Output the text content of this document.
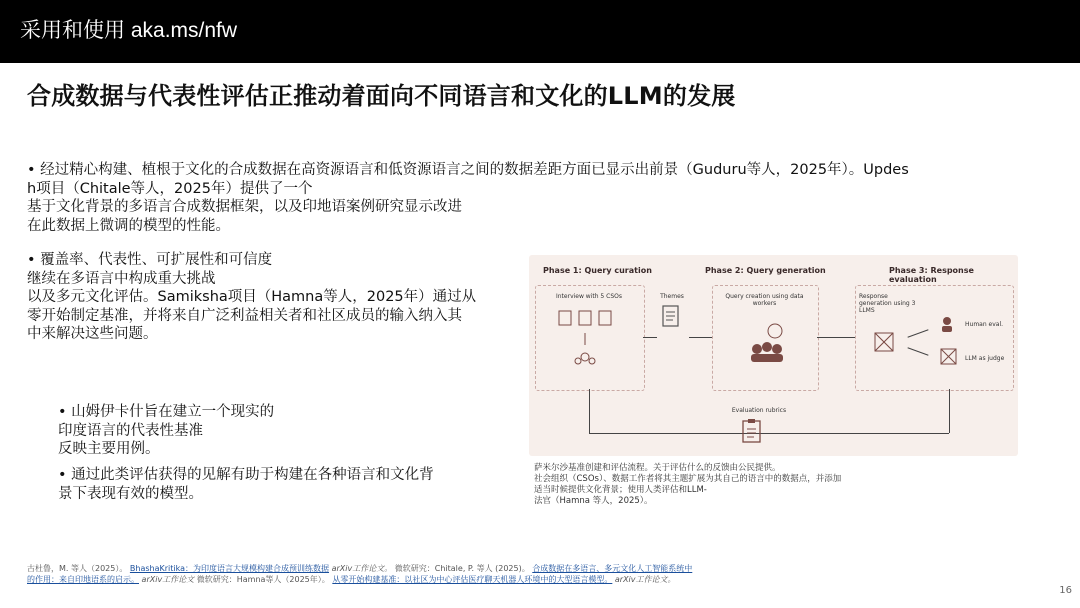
采用和使用 aka.ms/nfw
合成数据与代表性评估正推动着面向不同语言和文化的LLM的发展
• 经过精心构建、植根于文化的合成数据在高资源语言和低资源语言之间的数据差距方面已显示出前景（Guduru等人，2025年）。Updes
h项目（Chitale等人，2025年）提供了一个
基于文化背景的多语言合成数据框架，以及印地语案例研究显示改进
在此数据上微调的模型的性能。
• 覆盖率、代表性、可扩展性和可信度
继续在多语言中构成重大挑战
以及多元文化评估。Samiksha项目（Hamna等人，2025年）通过从
零开始制定基准，并将来自广泛利益相关者和社区成员的输入纳入其
中来解决这些问题。
• 山姆伊卡什旨在建立一个现实的
印度语言的代表性基准
反映主要用例。
• 通过此类评估获得的见解有助于构建在各种语言和文化背
景下表现有效的模型。
Phase 1: Query curation	Phase 2: Query generation	Phase 3: Response evaluation
Interview with 5 CSOs	Themes	Query creation using data workers
Response generation using 3 LLMS
Human eval.
LLM as judge
Evaluation rubrics
萨米尔沙基准创建和评估流程。关于评估什么的反馈由公民提供。
社会组织（CSOs）、数据工作者将其主题扩展为其自己的语言中的数据点，并添加
适当时候提供文化背景；使用人类评估和LLM-
法官（Hamna 等人，2025）。
古杜鲁，M. 等人（2025）。 BhashaKritika：为印度语言大规模构建合成预训练数据 arXiv工作论文。 微软研究：Chitale, P. 等人 (2025)。 合成数据在多语言、多元文化人工智能系统中
的作用：来自印地语系的启示。 arXiv工作论文 微软研究：Hamna等人（2025年）。 从零开始构建基准：以社区为中心评估医疗聊天机器人环境中的大型语言模型。 arXiv工作论文。
16
